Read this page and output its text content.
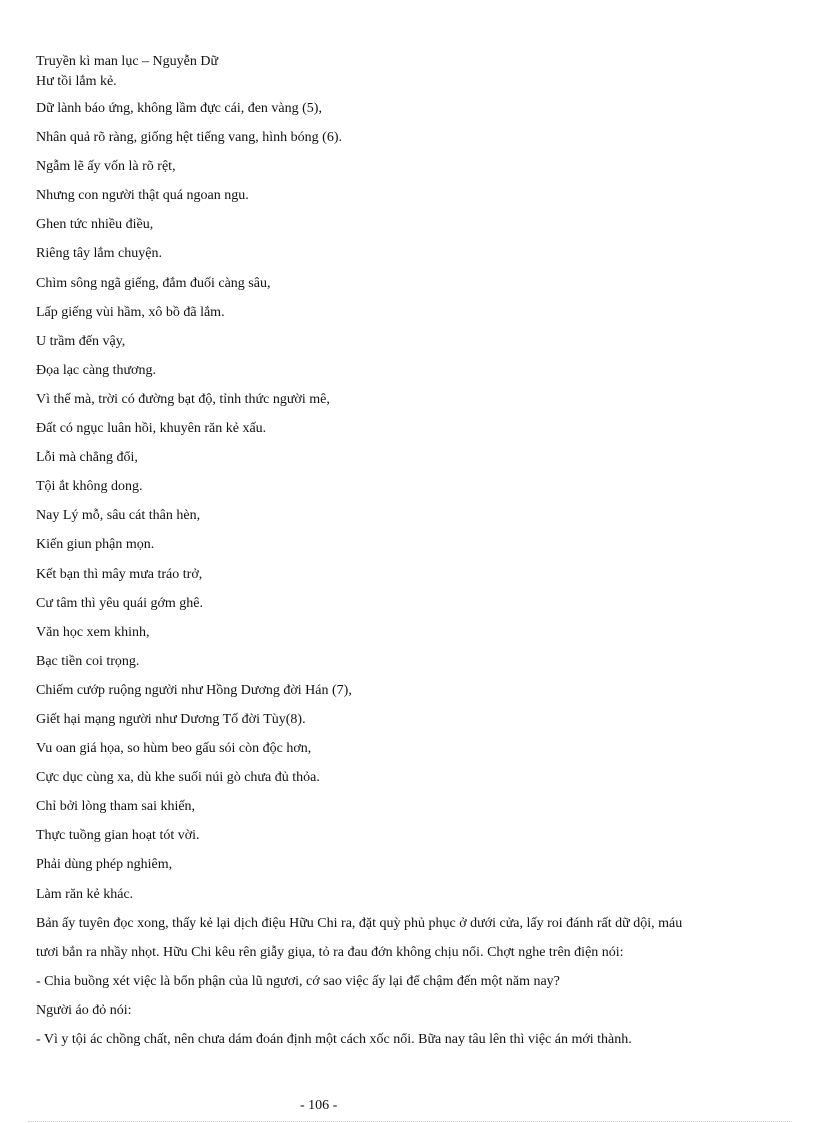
Truyền kì man lục – Nguyễn Dữ
Hư tồi lắm kẻ.
Dữ lành báo ứng, không lầm đực cái, đen vàng (5),
Nhân quả rõ ràng, giống hệt tiếng vang, hình bóng (6).
Ngẫm lẽ ấy vốn là rõ rệt,
Nhưng con người thật quá ngoan ngu.
Ghen tức nhiều điều,
Riêng tây lắm chuyện.
Chìm sông ngã giếng, đắm đuối càng sâu,
Lấp giếng vùi hầm, xô bồ đã lắm.
U trầm đến vậy,
Đọa lạc càng thương.
Vì thế mà, trời có đường bạt độ, tỉnh thức người mê,
Đất có ngục luân hồi, khuyên răn kẻ xấu.
Lỗi mà chẳng đổi,
Tội ắt không dong.
Nay Lý mỗ, sâu cát thân hèn,
Kiến giun phận mọn.
Kết bạn thì mây mưa tráo trở,
Cư tâm thì yêu quái gớm ghê.
Văn học xem khinh,
Bạc tiền coi trọng.
Chiếm cướp ruộng người như Hồng Dương đời Hán (7),
Giết hại mạng người như Dương Tố đời Tùy(8).
Vu oan giá họa, so hùm beo gấu sói còn độc hơn,
Cực dục cùng xa, dù khe suối núi gò chưa đủ thỏa.
Chỉ bởi lòng tham sai khiến,
Thực tuồng gian hoạt tót vời.
Phải dùng phép nghiêm,
Làm răn kẻ khác.
Bản ấy tuyên đọc xong, thấy kẻ lại dịch điệu Hữu Chi ra, đặt quỳ phủ phục ở dưới cửa, lấy roi đánh rất dữ dội, máu
tươi bắn ra nhầy nhọt. Hữu Chi kêu rên giẫy giụa, tỏ ra đau đớn không chịu nổi. Chợt nghe trên điện nói:
- Chia buồng xét việc là bổn phận của lũ ngươi, cớ sao việc ấy lại để chậm đến một năm nay?
Người áo đỏ nói:
- Vì y tội ác chồng chất, nên chưa dám đoán định một cách xốc nổi. Bữa nay tâu lên thì việc án mới thành.
- 106 -
